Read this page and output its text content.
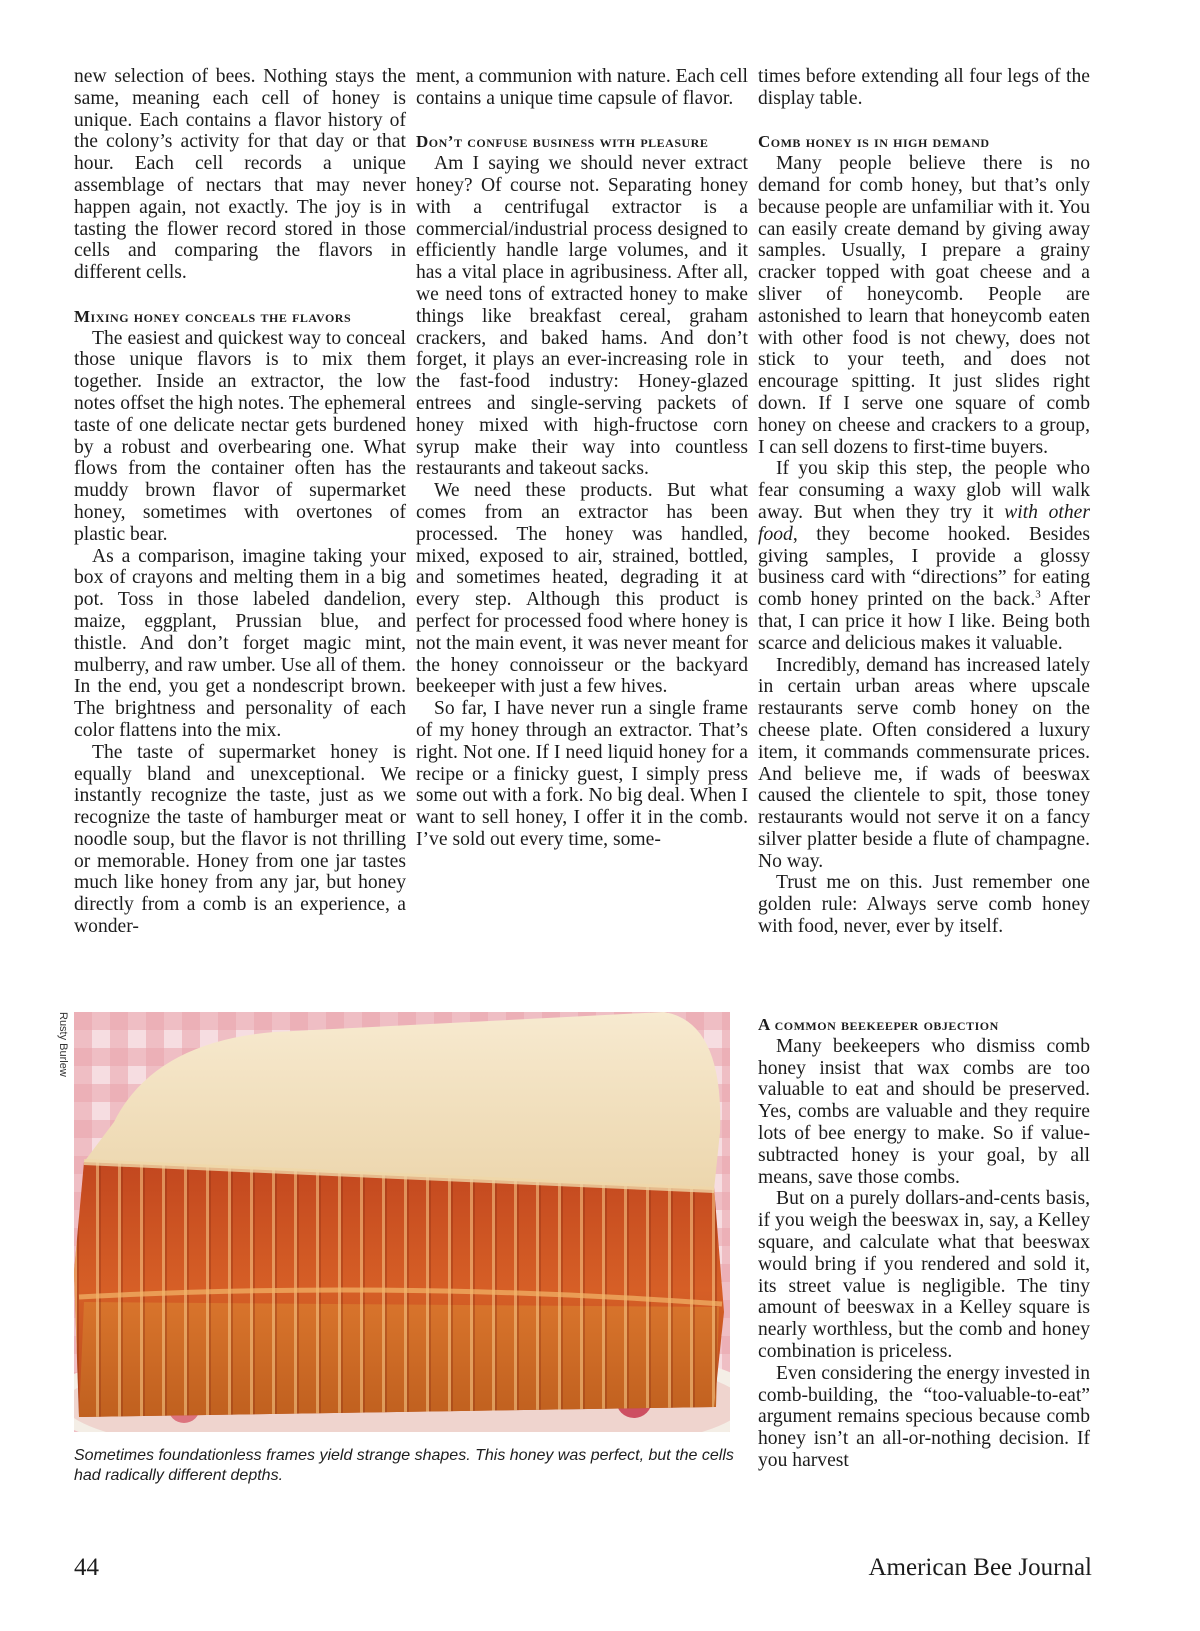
new selection of bees. Nothing stays the same, meaning each cell of honey is unique. Each contains a flavor history of the colony’s activity for that day or that hour. Each cell records a unique assemblage of nectars that may never happen again, not exactly. The joy is in tasting the flower record stored in those cells and comparing the flavors in different cells.

Mixing honey conceals the flavors

The easiest and quickest way to conceal those unique flavors is to mix them together. Inside an extractor, the low notes offset the high notes. The ephemeral taste of one delicate nectar gets burdened by a robust and overbearing one. What flows from the container often has the muddy brown flavor of supermarket honey, sometimes with overtones of plastic bear.

As a comparison, imagine taking your box of crayons and melting them in a big pot. Toss in those labeled dandelion, maize, eggplant, Prussian blue, and thistle. And don’t forget magic mint, mulberry, and raw umber. Use all of them. In the end, you get a nondescript brown. The brightness and personality of each color flattens into the mix.

The taste of supermarket honey is equally bland and unexceptional. We instantly recognize the taste, just as we recognize the taste of hamburger meat or noodle soup, but the flavor is not thrilling or memorable. Honey from one jar tastes much like honey from any jar, but honey directly from a comb is an experience, a wonder-

ment, a communion with nature. Each cell contains a unique time capsule of flavor.

Don’t confuse business with pleasure

Am I saying we should never extract honey? Of course not. Separating honey with a centrifugal extractor is a commercial/industrial process designed to efficiently handle large volumes, and it has a vital place in agribusiness. After all, we need tons of extracted honey to make things like breakfast cereal, graham crackers, and baked hams. And don’t forget, it plays an ever-increasing role in the fast-food industry: Honey-glazed entrees and single-serving packets of honey mixed with high-fructose corn syrup make their way into countless restaurants and takeout sacks.

We need these products. But what comes from an extractor has been processed. The honey was handled, mixed, exposed to air, strained, bottled, and sometimes heated, degrading it at every step. Although this product is perfect for processed food where honey is not the main event, it was never meant for the honey connoisseur or the backyard beekeeper with just a few hives.

So far, I have never run a single frame of my honey through an extractor. That’s right. Not one. If I need liquid honey for a recipe or a finicky guest, I simply press some out with a fork. No big deal. When I want to sell honey, I offer it in the comb. I’ve sold out every time, some-

times before extending all four legs of the display table.

Comb honey is in high demand

Many people believe there is no demand for comb honey, but that’s only because people are unfamiliar with it. You can easily create demand by giving away samples. Usually, I prepare a grainy cracker topped with goat cheese and a sliver of honeycomb. People are astonished to learn that honeycomb eaten with other food is not chewy, does not stick to your teeth, and does not encourage spitting. It just slides right down. If I serve one square of comb honey on cheese and crackers to a group, I can sell dozens to first-time buyers.

If you skip this step, the people who fear consuming a waxy glob will walk away. But when they try it with other food, they become hooked. Besides giving samples, I provide a glossy business card with “directions” for eating comb honey printed on the back.$^3$ After that, I can price it how I like. Being both scarce and delicious makes it valuable.

Incredibly, demand has increased lately in certain urban areas where upscale restaurants serve comb honey on the cheese plate. Often considered a luxury item, it commands commensurate prices. And believe me, if wads of beeswax caused the clientele to spit, those toney restaurants would not serve it on a fancy silver platter beside a flute of champagne. No way.

Trust me on this. Just remember one golden rule: Always serve comb honey with food, never, ever by itself.

A common beekeeper objection

Many beekeepers who dismiss comb honey insist that wax combs are too valuable to eat and should be preserved. Yes, combs are valuable and they require lots of bee energy to make. So if value-subtracted honey is your goal, by all means, save those combs.

But on a purely dollars-and-cents basis, if you weigh the beeswax in, say, a Kelley square, and calculate what that beeswax would bring if you rendered and sold it, its street value is negligible. The tiny amount of beeswax in a Kelley square is nearly worthless, but the comb and honey combination is priceless.

Even considering the energy invested in comb-building, the “too-valuable-to-eat” argument remains specious because comb honey isn’t an all-or-nothing decision. If you harvest

Rusty Burlew
Sometimes foundationless frames yield strange shapes. This honey was perfect, but the cells had radically different depths.
44	American Bee Journal
